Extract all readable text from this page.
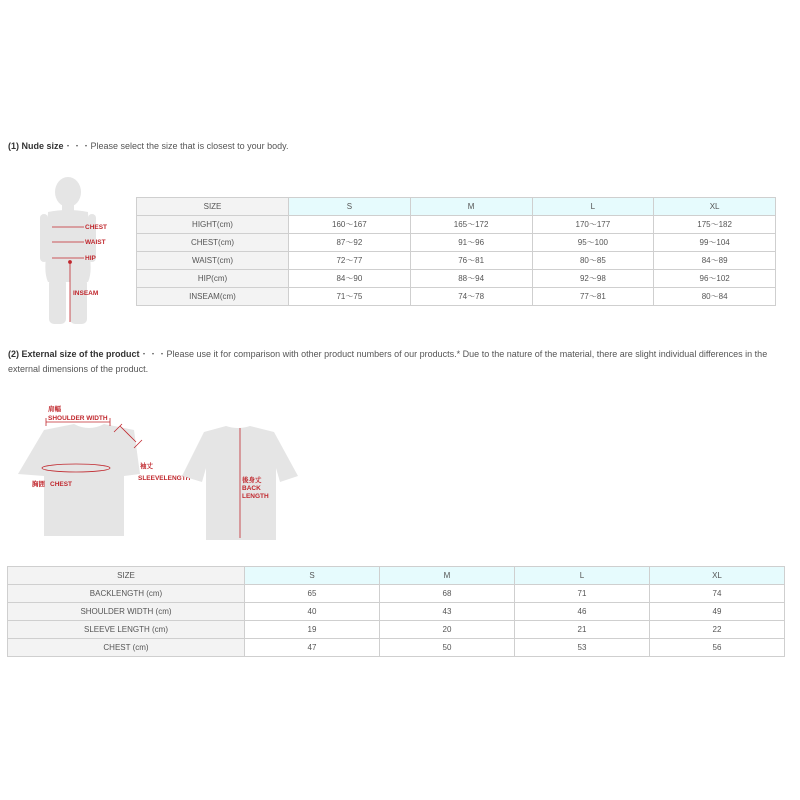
(1) Nude size・・・Please select the size that is closest to your body.
CHEST
WAIST
HIP
INSEAM
SIZE	S	M	L	XL
HIGHT(cm)	160～167	165～172	170～177	175～182
CHEST(cm)	87～92	91～96	95～100	99～104
WAIST(cm)	72～77	76～81	80～85	84～89
HIP(cm)	84～90	88～94	92～98	96～102
INSEAM(cm)	71～75	74～78	77～81	80～84
(2) External size of the product・・・Please use it for comparison with other product numbers of our products.* Due to the nature of the material, there are slight individual differences in the external dimensions of the product.
肩幅
SHOULDER WIDTH
袖丈
SLEEVELENGTH
胸囲 CHEST
後身丈
BACK
LENGTH
SIZE	S	M	L	XL
BACKLENGTH (cm)	65	68	71	74
SHOULDER WIDTH (cm)	40	43	46	49
SLEEVE LENGTH (cm)	19	20	21	22
CHEST (cm)	47	50	53	56
